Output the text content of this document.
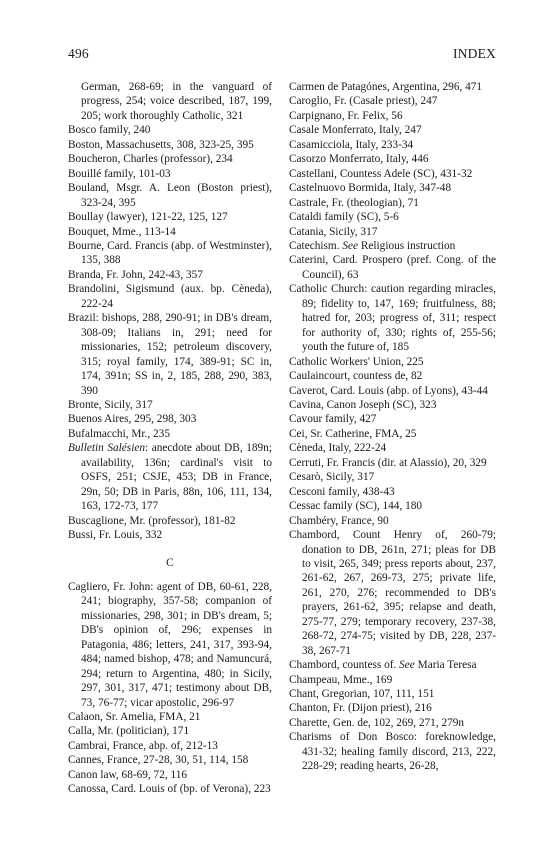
496	INDEX

German, 268-69; in the vanguard of progress, 254; voice described, 187, 199, 205; work thoroughly Catholic, 321

Bosco family, 240

Boston, Massachusetts, 308, 323-25, 395

Boucheron, Charles (professor), 234

Bouillé family, 101-03

Bouland, Msgr. A. Leon (Boston priest), 323-24, 395

Boullay (lawyer), 121-22, 125, 127

Bouquet, Mme., 113-14

Bourne, Card. Francis (abp. of Westminster), 135, 388

Branda, Fr. John, 242-43, 357

Brandolini, Sigismund (aux. bp. Cèneda), 222-24

Brazil: bishops, 288, 290-91; in DB's dream, 308-09; Italians in, 291; need for missionaries, 152; petroleum discovery, 315; royal family, 174, 389-91; SC in, 174, 391n; SS in, 2, 185, 288, 290, 383, 390

Bronte, Sicily, 317

Buenos Aires, 295, 298, 303

Bufalmacchi, Mr., 235

Bulletin Salésien: anecdote about DB, 189n; availability, 136n; cardinal's visit to OSFS, 251; CSJE, 453; DB in France, 29n, 50; DB in Paris, 88n, 106, 111, 134, 163, 172-73, 177

Buscaglione, Mr. (professor), 181-82

Bussi, Fr. Louis, 332

C

Cagliero, Fr. John: agent of DB, 60-61, 228, 241; biography, 357-58; companion of missionaries, 298, 301; in DB's dream, 5; DB's opinion of, 296; expenses in Patagonia, 486; letters, 241, 317, 393-94, 484; named bishop, 478; and Namuncurá, 294; return to Argentina, 480; in Sicily, 297, 301, 317, 471; testimony about DB, 73, 76-77; vicar apostolic, 296-97

Calaon, Sr. Amelia, FMA, 21

Calla, Mr. (politician), 171

Cambrai, France, abp. of, 212-13

Cannes, France, 27-28, 30, 51, 114, 158

Canon law, 68-69, 72, 116

Canossa, Card. Louis of (bp. of Verona), 223

Carmen de Patagónes, Argentina, 296, 471

Caroglio, Fr. (Casale priest), 247

Carpignano, Fr. Felix, 56

Casale Monferrato, Italy, 247

Casamicciola, Italy, 233-34

Casorzo Monferrato, Italy, 446

Castellani, Countess Adele (SC), 431-32

Castelnuovo Bormida, Italy, 347-48

Castrale, Fr. (theologian), 71

Cataldi family (SC), 5-6

Catania, Sicily, 317

Catechism. See Religious instruction

Caterini, Card. Prospero (pref. Cong. of the Council), 63

Catholic Church: caution regarding miracles, 89; fidelity to, 147, 169; fruitfulness, 88; hatred for, 203; progress of, 311; respect for authority of, 330; rights of, 255-56; youth the future of, 185

Catholic Workers' Union, 225

Caulaincourt, countess de, 82

Caverot, Card. Louis (abp. of Lyons), 43-44

Cavina, Canon Joseph (SC), 323

Cavour family, 427

Cei, Sr. Catherine, FMA, 25

Cèneda, Italy, 222-24

Cerruti, Fr. Francis (dir. at Alassio), 20, 329

Cesarò, Sicily, 317

Cesconi family, 438-43

Cessac family (SC), 144, 180

Chambéry, France, 90

Chambord, Count Henry of, 260-79; donation to DB, 261n, 271; pleas for DB to visit, 265, 349; press reports about, 237, 261-62, 267, 269-73, 275; private life, 261, 270, 276; recommended to DB's prayers, 261-62, 395; relapse and death, 275-77, 279; temporary recovery, 237-38, 268-72, 274-75; visited by DB, 228, 237-38, 267-71

Chambord, countess of. See Maria Teresa

Champeau, Mme., 169

Chant, Gregorian, 107, 111, 151

Chanton, Fr. (Dijon priest), 216

Charette, Gen. de, 102, 269, 271, 279n

Charisms of Don Bosco: foreknowledge, 431-32; healing family discord, 213, 222, 228-29; reading hearts, 26-28,
